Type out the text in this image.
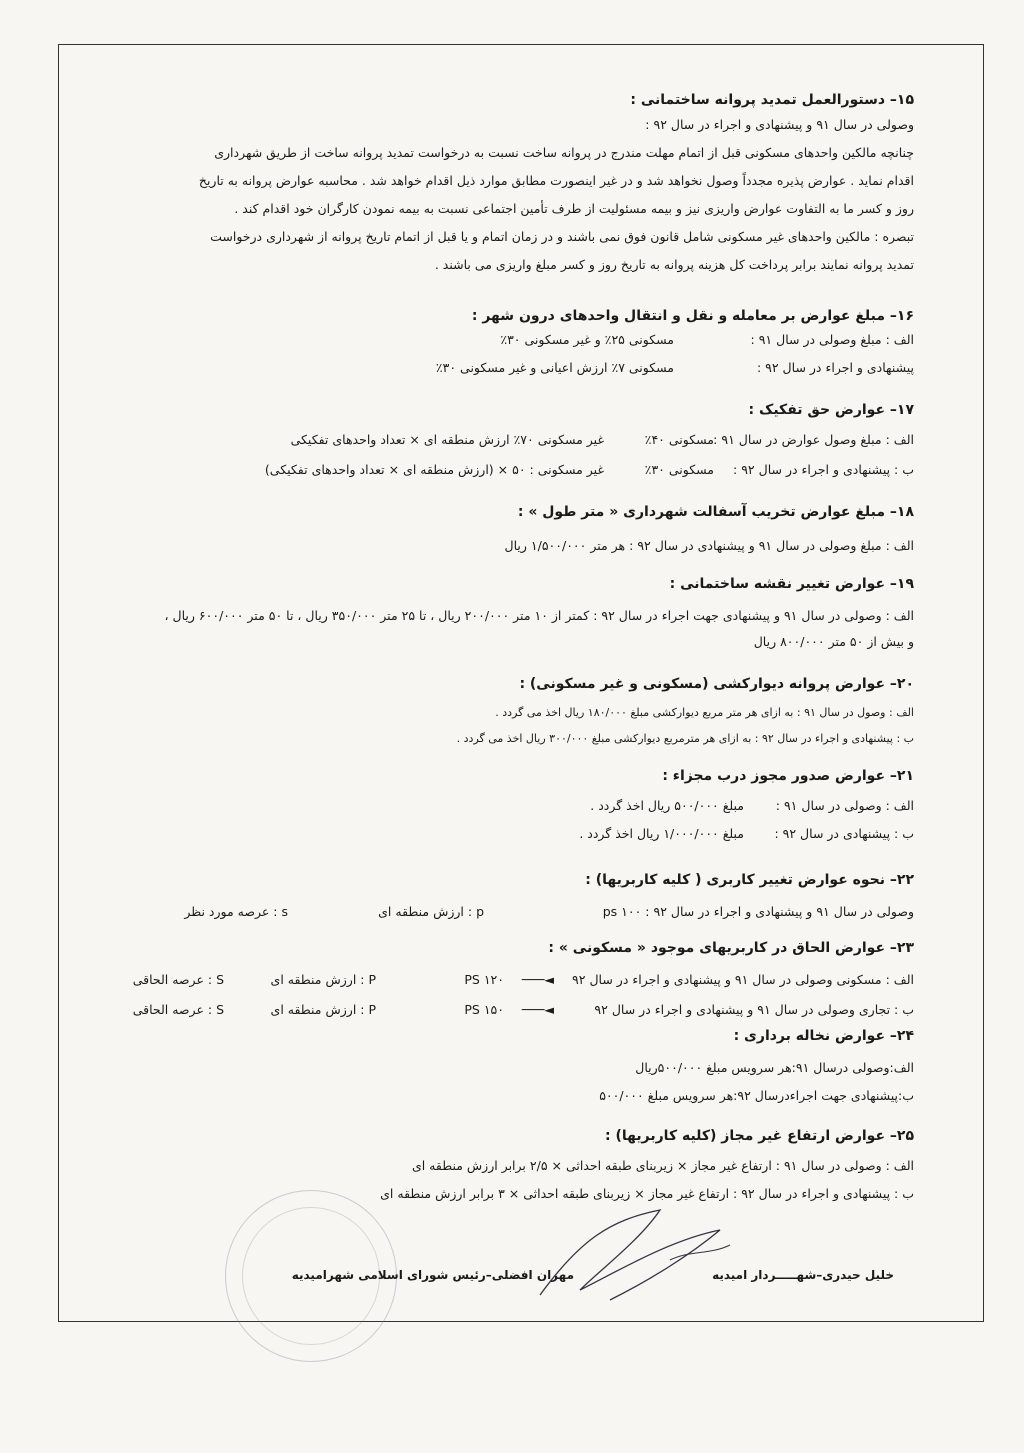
۱۵– دستورالعمل تمدید پروانه ساختمانی :
وصولی در سال ۹۱ و پیشنهادی و اجراء در سال ۹۲ :
چنانچه مالکین واحدهای مسکونی قبل از اتمام مهلت مندرج در پروانه ساخت نسبت به درخواست تمدید پروانه ساخت از طریق شهرداری
اقدام نماید . عوارض پذیره مجدداً وصول نخواهد شد و در غیر اینصورت مطابق موارد ذیل اقدام خواهد شد . محاسبه عوارض پروانه به تاریخ
روز و کسر ما به التفاوت عوارض واریزی نیز و بیمه مسئولیت از طرف تأمین اجتماعی نسبت به بیمه نمودن کارگران خود اقدام کند .
تبصره : مالکین واحدهای غیر مسکونی شامل قانون فوق نمی باشند و در زمان اتمام و یا قبل از اتمام تاریخ پروانه از شهرداری درخواست
تمدید پروانه نمایند برابر پرداخت کل هزینه پروانه به تاریخ روز و کسر مبلغ واریزی می باشند .
۱۶– مبلغ عوارض بر معامله و نقل و انتقال واحدهای درون شهر :
الف : مبلغ وصولی در سال ۹۱ :
مسکونی ۲۵٪ و غیر مسکونی ۳۰٪
پیشنهادی و اجراء در سال ۹۲ :
مسکونی ۷٪ ارزش اعیانی و غیر مسکونی ۳۰٪
۱۷– عوارض حق تفکیک :
الف : مبلغ وصول عوارض در سال ۹۱ :
مسکونی ۴۰٪
غیر مسکونی ۷۰٪ ارزش منطقه ای × تعداد واحدهای تفکیکی
ب : پیشنهادی و اجراء در سال ۹۲ :
مسکونی ۳۰٪
غیر مسکونی : ۵۰ × (ارزش منطقه ای × تعداد واحدهای تفکیکی)
۱۸– مبلغ عوارض تخریب آسفالت شهرداری « متر طول » :
الف : مبلغ وصولی در سال ۹۱ و پیشنهادی در سال ۹۲ : هر متر ۱/۵۰۰/۰۰۰ ریال
۱۹– عوارض تغییر نقشه ساختمانی :
الف : وصولی در سال ۹۱ و پیشنهادی جهت اجراء در سال ۹۲ : کمتر از ۱۰ متر ۲۰۰/۰۰۰ ریال ، تا ۲۵ متر ۳۵۰/۰۰۰ ریال ، تا ۵۰ متر ۶۰۰/۰۰۰ ریال ،
و بیش از ۵۰ متر ۸۰۰/۰۰۰ ریال
۲۰– عوارض پروانه دیوارکشی (مسکونی و غیر مسکونی) :
الف : وصول در سال ۹۱ : به ازای هر متر مربع دیوارکشی مبلغ ۱۸۰/۰۰۰ ریال اخذ می گردد .
ب : پیشنهادی و اجراء در سال ۹۲ : به ازای هر مترمربع دیوارکشی مبلغ ۳۰۰/۰۰۰ ریال اخذ می گردد .
۲۱– عوارض صدور مجوز درب مجزاء :
الف : وصولی در سال ۹۱ :
مبلغ ۵۰۰/۰۰۰ ریال اخذ گردد .
ب : پیشنهادی در سال ۹۲ :
مبلغ ۱/۰۰۰/۰۰۰ ریال اخذ گردد .
۲۲– نحوه عوارض تغییر کاربری ( کلیه کاربریها) :
وصولی در سال ۹۱ و پیشنهادی و اجراء در سال ۹۲ : ps ۱۰۰
p : ارزش منطقه ای
s : عرصه مورد نظر
۲۳– عوارض الحاق در کاربریهای موجود « مسکونی » :
الف : مسکونی وصولی در سال ۹۱ و پیشنهادی و اجراء در سال ۹۲
◄───
۱۲۰ PS
P : ارزش منطقه ای
S : عرصه الحاقی
ب : تجاری وصولی در سال ۹۱ و پیشنهادی و اجراء در سال ۹۲
◄───
۱۵۰ PS
P : ارزش منطقه ای
S : عرصه الحاقی
۲۴– عوارض نخاله برداری :
الف:وصولی درسال ۹۱:هر سرویس مبلغ ۵۰۰/۰۰۰ریال
ب:پیشنهادی جهت اجراءدرسال ۹۲:هر سرویس مبلغ ۵۰۰/۰۰۰
۲۵– عوارض ارتفاع غیر مجاز (کلیه کاربریها) :
الف : وصولی در سال ۹۱ : ارتفاع غیر مجاز × زیربنای طبقه احداثی × ۲/۵ برابر ارزش منطقه ای
ب : پیشنهادی و اجراء در سال ۹۲ : ارتفاع غیر مجاز × زیربنای طبقه احداثی × ۳ برابر ارزش منطقه ای
خلیل حیدری–شهـــــردار امیدیه
مهران افضلی–رئیس شورای اسلامی شهرامیدیه
